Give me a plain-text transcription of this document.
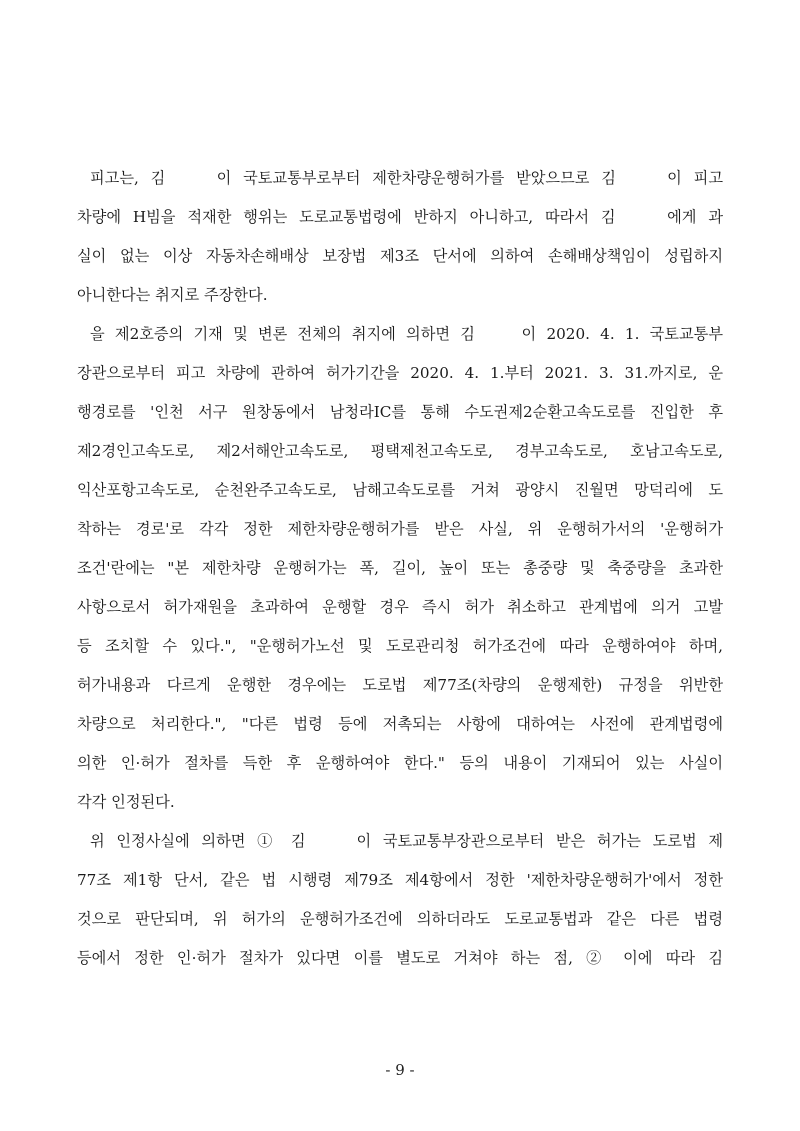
피고는, 김　　이 국토교통부로부터 제한차량운행허가를 받았으므로 김　　이 피고
차량에 H빔을 적재한 행위는 도로교통법령에 반하지 아니하고, 따라서 김　　에게 과
실이 없는 이상 자동차손해배상 보장법 제3조 단서에 의하여 손해배상책임이 성립하지
아니한다는 취지로 주장한다.
을 제2호증의 기재 및 변론 전체의 취지에 의하면 김　　이 2020. 4. 1. 국토교통부
장관으로부터 피고 차량에 관하여 허가기간을 2020. 4. 1.부터 2021. 3. 31.까지로, 운
행경로를 '인천 서구 원창동에서 남청라IC를 통해 수도권제2순환고속도로를 진입한 후
제2경인고속도로, 제2서해안고속도로, 평택제천고속도로, 경부고속도로, 호남고속도로,
익산포항고속도로, 순천완주고속도로, 남해고속도로를 거쳐 광양시 진월면 망덕리에 도
착하는 경로'로 각각 정한 제한차량운행허가를 받은 사실, 위 운행허가서의 '운행허가
조건'란에는 "본 제한차량 운행허가는 폭, 길이, 높이 또는 총중량 및 축중량을 초과한
사항으로서 허가재원을 초과하여 운행할 경우 즉시 허가 취소하고 관계법에 의거 고발
등 조치할 수 있다.", "운행허가노선 및 도로관리청 허가조건에 따라 운행하여야 하며,
허가내용과 다르게 운행한 경우에는 도로법 제77조(차량의 운행제한) 규정을 위반한
차량으로 처리한다.", "다른 법령 등에 저촉되는 사항에 대하여는 사전에 관계법령에
의한 인·허가 절차를 득한 후 운행하여야 한다." 등의 내용이 기재되어 있는 사실이
각각 인정된다.
위 인정사실에 의하면 ① 김　　이 국토교통부장관으로부터 받은 허가는 도로법 제
77조 제1항 단서, 같은 법 시행령 제79조 제4항에서 정한 '제한차량운행허가'에서 정한
것으로 판단되며, 위 허가의 운행허가조건에 의하더라도 도로교통법과 같은 다른 법령
등에서 정한 인·허가 절차가 있다면 이를 별도로 거쳐야 하는 점, ② 이에 따라 김
- 9 -
